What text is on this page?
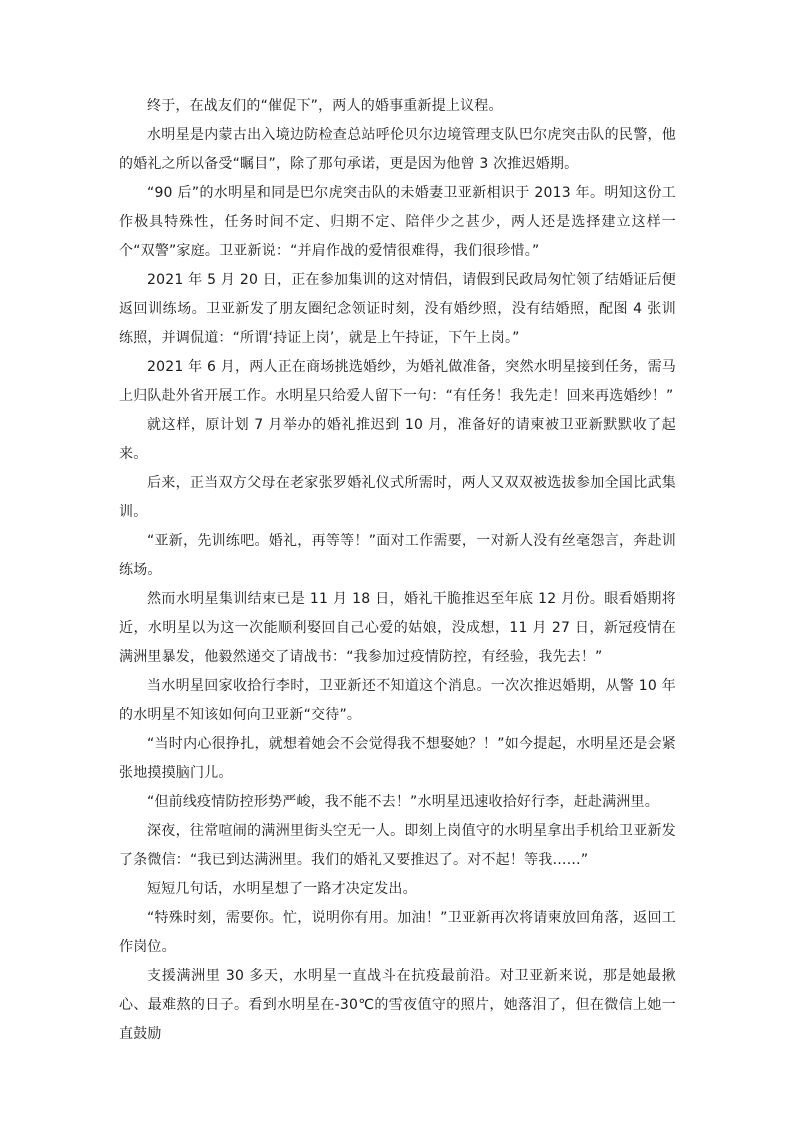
终于，在战友们的“催促下”，两人的婚事重新提上议程。

水明星是内蒙古出入境边防检查总站呼伦贝尔边境管理支队巴尔虎突击队的民警，他的婚礼之所以备受“瞩目”，除了那句承诺，更是因为他曾 3 次推迟婚期。

“90 后”的水明星和同是巴尔虎突击队的未婚妻卫亚新相识于 2013 年。明知这份工作极具特殊性，任务时间不定、归期不定、陪伴少之甚少，两人还是选择建立这样一个“双警”家庭。卫亚新说：“并肩作战的爱情很难得，我们很珍惜。”

2021 年 5 月 20 日，正在参加集训的这对情侣，请假到民政局匆忙领了结婚证后便返回训练场。卫亚新发了朋友圈纪念领证时刻，没有婚纱照，没有结婚照，配图 4 张训练照，并调侃道：“所谓‘持证上岗’，就是上午持证，下午上岗。”

2021 年 6 月，两人正在商场挑选婚纱，为婚礼做准备，突然水明星接到任务，需马上归队赴外省开展工作。水明星只给爱人留下一句：“有任务！我先走！回来再选婚纱！”

就这样，原计划 7 月举办的婚礼推迟到 10 月，准备好的请柬被卫亚新默默收了起来。

后来，正当双方父母在老家张罗婚礼仪式所需时，两人又双双被选拔参加全国比武集训。

“亚新，先训练吧。婚礼，再等等！”面对工作需要，一对新人没有丝毫怨言，奔赴训练场。

然而水明星集训结束已是 11 月 18 日，婚礼干脆推迟至年底 12 月份。眼看婚期将近，水明星以为这一次能顺利娶回自己心爱的姑娘，没成想，11 月 27 日，新冠疫情在满洲里暴发，他毅然递交了请战书：“我参加过疫情防控，有经验，我先去！”

当水明星回家收拾行李时，卫亚新还不知道这个消息。一次次推迟婚期，从警 10 年的水明星不知该如何向卫亚新“交待”。

“当时内心很挣扎，就想着她会不会觉得我不想娶她？！”如今提起，水明星还是会紧张地摸摸脑门儿。

“但前线疫情防控形势严峻，我不能不去！”水明星迅速收拾好行李，赶赴满洲里。

深夜，往常喧闹的满洲里街头空无一人。即刻上岗值守的水明星拿出手机给卫亚新发了条微信：“我已到达满洲里。我们的婚礼又要推迟了。对不起！等我……”

短短几句话，水明星想了一路才决定发出。

“特殊时刻，需要你。忙，说明你有用。加油！”卫亚新再次将请柬放回角落，返回工作岗位。

支援满洲里 30 多天，水明星一直战斗在抗疫最前沿。对卫亚新来说，那是她最揪心、最难熬的日子。看到水明星在-30℃的雪夜值守的照片，她落泪了，但在微信上她一直鼓励
